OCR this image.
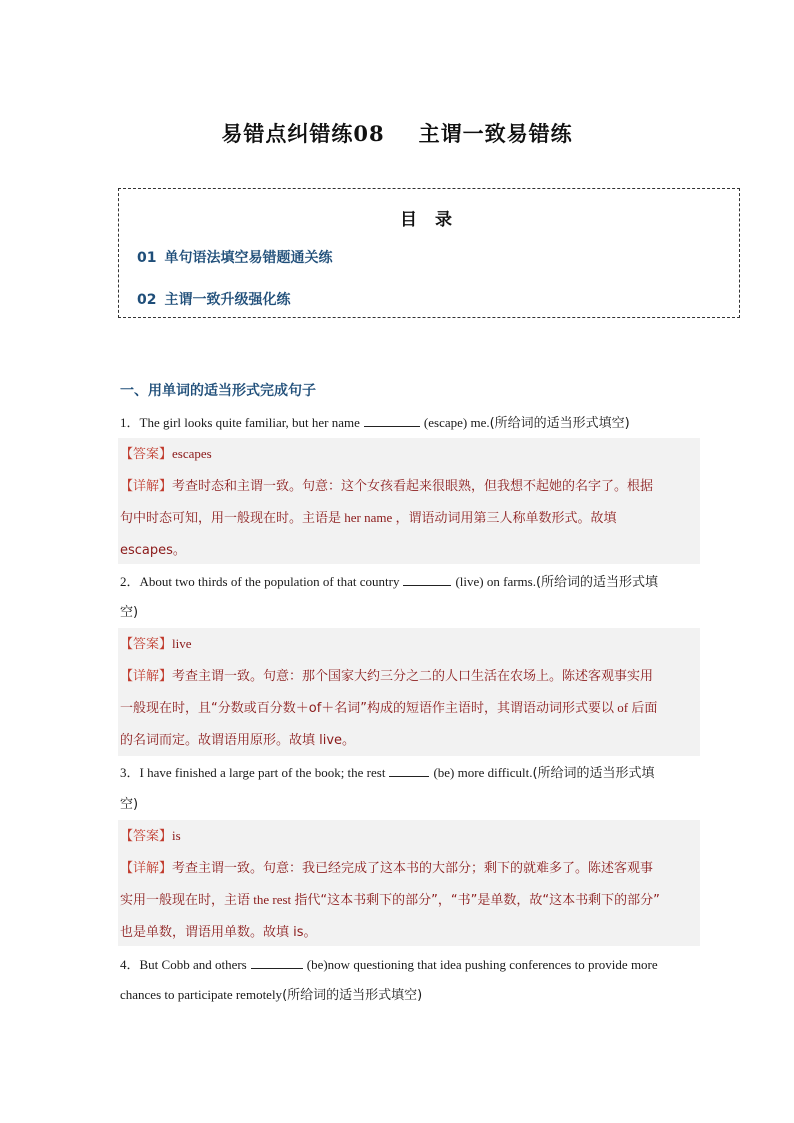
易错点纠错练08 主谓一致易错练
目 录
01 单句语法填空易错题通关练
02 主谓一致升级强化练
一、用单词的适当形式完成句子
1．The girl looks quite familiar, but her name	(escape) me.(所给词的适当形式填空)
【答案】escapes
【详解】考查时态和主谓一致。句意：这个女孩看起来很眼熟，但我想不起她的名字了。根据
句中时态可知，用一般现在时。主语是 her name ，谓语动词用第三人称单数形式。故填
escapes。
2．About two thirds of the population of that country	(live) on farms.(所给词的适当形式填
空)
【答案】live
【详解】考查主谓一致。句意：那个国家大约三分之二的人口生活在农场上。陈述客观事实用
一般现在时，且“分数或百分数＋of＋名词”构成的短语作主语时，其谓语动词形式要以 of 后面
的名词而定。故谓语用原形。故填 live。
3．I have finished a large part of the book; the rest	(be) more difficult.(所给词的适当形式填
空)
【答案】is
【详解】考查主谓一致。句意：我已经完成了这本书的大部分；剩下的就难多了。陈述客观事
实用一般现在时，主语 the rest 指代“这本书剩下的部分”，“书”是单数，故“这本书剩下的部分”
也是单数，谓语用单数。故填 is。
4．But Cobb and others	(be)now questioning that idea pushing conferences to provide more
chances to participate remotely(所给词的适当形式填空)
